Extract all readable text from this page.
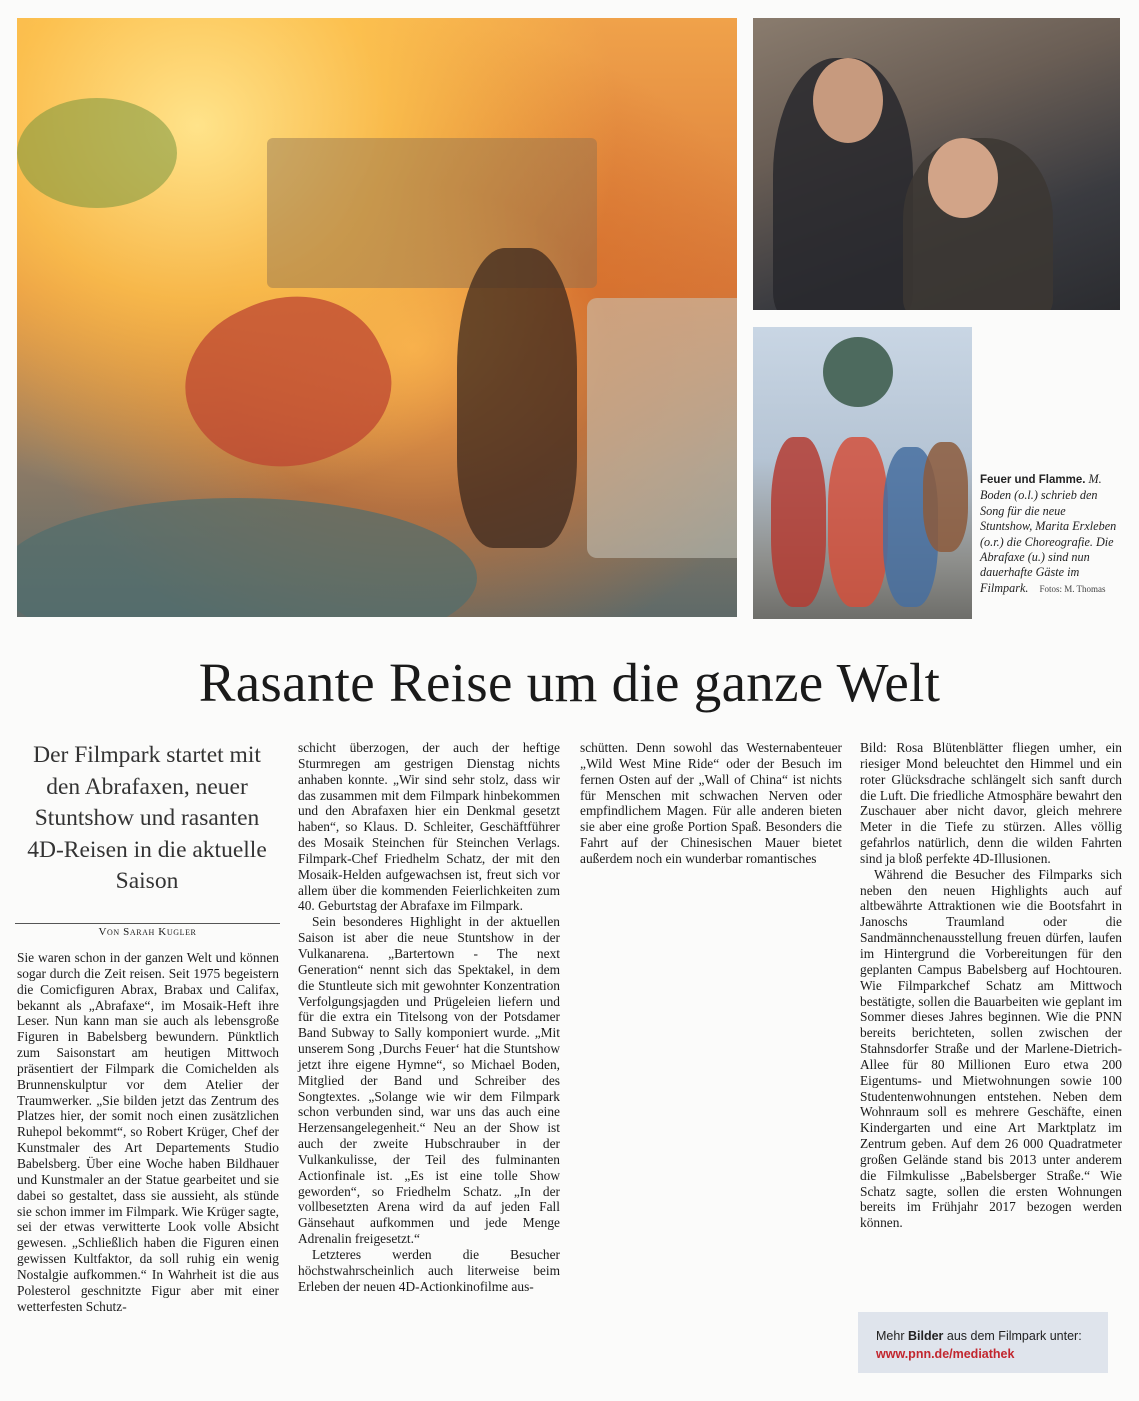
Feuer und Flamme. M. Boden (o.l.) schrieb den Song für die neue Stuntshow, Marita Erxleben (o.r.) die Choreografie. Die Abrafaxe (u.) sind nun dauerhafte Gäste im Filmpark. Fotos: M. Thomas
Rasante Reise um die ganze Welt
Der Filmpark startet mit den Abrafaxen, neuer Stuntshow und rasanten 4D-Reisen in die aktuelle Saison
Von Sarah Kugler

Sie waren schon in der ganzen Welt und können sogar durch die Zeit reisen. Seit 1975 begeistern die Comicfiguren Abrax, Brabax und Califax, bekannt als „Abrafaxe“, im Mosaik-Heft ihre Leser. Nun kann man sie auch als lebensgroße Figuren in Babelsberg bewundern. Pünktlich zum Saisonstart am heutigen Mittwoch präsentiert der Filmpark die Comichelden als Brunnenskulptur vor dem Atelier der Traumwerker. „Sie bilden jetzt das Zentrum des Platzes hier, der somit noch einen zusätzlichen Ruhepol bekommt“, so Robert Krüger, Chef der Kunstmaler des Art Departements Studio Babelsberg. Über eine Woche haben Bildhauer und Kunstmaler an der Statue gearbeitet und sie dabei so gestaltet, dass sie aussieht, als stünde sie schon immer im Filmpark. Wie Krüger sagte, sei der etwas verwitterte Look volle Absicht gewesen. „Schließlich haben die Figuren einen gewissen Kultfaktor, da soll ruhig ein wenig Nostalgie aufkommen.“ In Wahrheit ist die aus Polesterol geschnitzte Figur aber mit einer wetterfesten Schutz-

schicht überzogen, der auch der heftige Sturmregen am gestrigen Dienstag nichts anhaben konnte. „Wir sind sehr stolz, dass wir das zusammen mit dem Filmpark hinbekommen und den Abrafaxen hier ein Denkmal gesetzt haben“, so Klaus. D. Schleiter, Geschäftführer des Mosaik Steinchen für Steinchen Verlags. Filmpark-Chef Friedhelm Schatz, der mit den Mosaik-Helden aufgewachsen ist, freut sich vor allem über die kommenden Feierlichkeiten zum 40. Geburtstag der Abrafaxe im Filmpark.

Sein besonderes Highlight in der aktuellen Saison ist aber die neue Stuntshow in der Vulkanarena. „Bartertown - The next Generation“ nennt sich das Spektakel, in dem die Stuntleute sich mit gewohnter Konzentration Verfolgungsjagden und Prügeleien liefern und für die extra ein Titelsong von der Potsdamer Band Subway to Sally komponiert wurde. „Mit unserem Song ‚Durchs Feuer‘ hat die Stuntshow jetzt ihre eigene Hymne“, so Michael Boden, Mitglied der Band und Schreiber des Songtextes. „Solange wie wir dem Filmpark schon verbunden sind, war uns das auch eine Herzensangelegenheit.“ Neu an der Show ist auch der zweite Hubschrauber in der Vulkankulisse, der Teil des fulminanten Actionfinale ist. „Es ist eine tolle Show geworden“, so Friedhelm Schatz. „In der vollbesetzten Arena wird da auf jeden Fall Gänsehaut aufkommen und jede Menge Adrenalin freigesetzt.“

Letzteres werden die Besucher höchstwahrscheinlich auch literweise beim Erleben der neuen 4D-Actionkinofilme aus-

schütten. Denn sowohl das Westernabenteuer „Wild West Mine Ride“ oder der Besuch im fernen Osten auf der „Wall of China“ ist nichts für Menschen mit schwachen Nerven oder empfindlichem Magen. Für alle anderen bieten sie aber eine große Portion Spaß. Besonders die Fahrt auf der Chinesischen Mauer bietet außerdem noch ein wunderbar romantisches

Bild: Rosa Blütenblätter fliegen umher, ein riesiger Mond beleuchtet den Himmel und ein roter Glücksdrache schlängelt sich sanft durch die Luft. Die friedliche Atmosphäre bewahrt den Zuschauer aber nicht davor, gleich mehrere Meter in die Tiefe zu stürzen. Alles völlig gefahrlos natürlich, denn die wilden Fahrten sind ja bloß perfekte 4D-Illusionen.

Während die Besucher des Filmparks sich neben den neuen Highlights auch auf altbewährte Attraktionen wie die Bootsfahrt in Janoschs Traumland oder die Sandmännchenausstellung freuen dürfen, laufen im Hintergrund die Vorbereitungen für den geplanten Campus Babelsberg auf Hochtouren. Wie Filmparkchef Schatz am Mittwoch bestätigte, sollen die Bauarbeiten wie geplant im Sommer dieses Jahres beginnen. Wie die PNN bereits berichteten, sollen zwischen der Stahnsdorfer Straße und der Marlene-Dietrich-Allee für 80 Millionen Euro etwa 200 Eigentums- und Mietwohnungen sowie 100 Studentenwohnungen entstehen. Neben dem Wohnraum soll es mehrere Geschäfte, einen Kindergarten und eine Art Marktplatz im Zentrum geben. Auf dem 26 000 Quadratmeter großen Gelände stand bis 2013 unter anderem die Filmkulisse „Babelsberger Straße.“ Wie Schatz sagte, sollen die ersten Wohnungen bereits im Frühjahr 2017 bezogen werden können.

Mehr Bilder aus dem Filmpark unter:
www.pnn.de/mediathek
